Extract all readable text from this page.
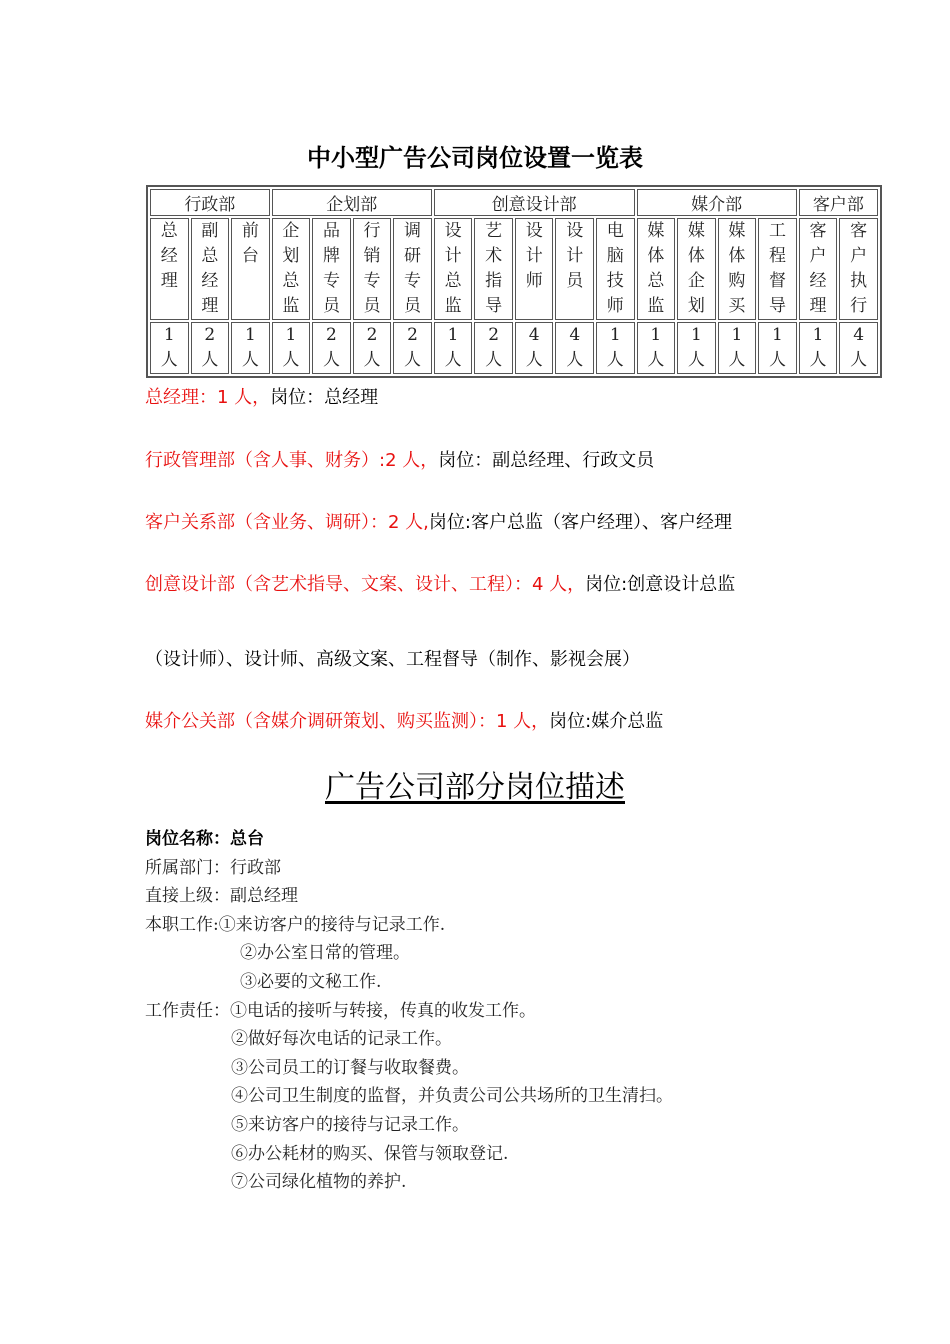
中小型广告公司岗位设置一览表
行政部			企划部				创意设计部					媒介部				客户部	
总经理	副总经理	前台	企划总监	品牌专员	行销专员	调研专员	设计总监	艺术指导	设计师	设计员	电脑技师	媒体总监	媒体企划	媒体购买	工程督导	客户经理	客户执行
1人	2人	1人	1人	2人	2人	2人	1人	2人	4人	4人	1人	1人	1人	1人	1人	1人	4人
总经理：1 人，岗位：总经理
行政管理部（含人事、财务）:2 人，岗位：副总经理、行政文员
客户关系部（含业务、调研）：2 人,岗位:客户总监（客户经理）、客户经理
创意设计部（含艺术指导、文案、设计、工程）：4 人，岗位:创意设计总监
（设计师）、设计师、高级文案、工程督导（制作、影视会展）
媒介公关部（含媒介调研策划、购买监测）：1 人，岗位:媒介总监
广告公司部分岗位描述
岗位名称：总台
所属部门：行政部
直接上级：副总经理
本职工作:①来访客户的接待与记录工作.
②办公室日常的管理。
③必要的文秘工作.
工作责任：①电话的接听与转接，传真的收发工作。
②做好每次电话的记录工作。
③公司员工的订餐与收取餐费。
④公司卫生制度的监督，并负责公司公共场所的卫生清扫。
⑤来访客户的接待与记录工作。
⑥办公耗材的购买、保管与领取登记.
⑦公司绿化植物的养护.
